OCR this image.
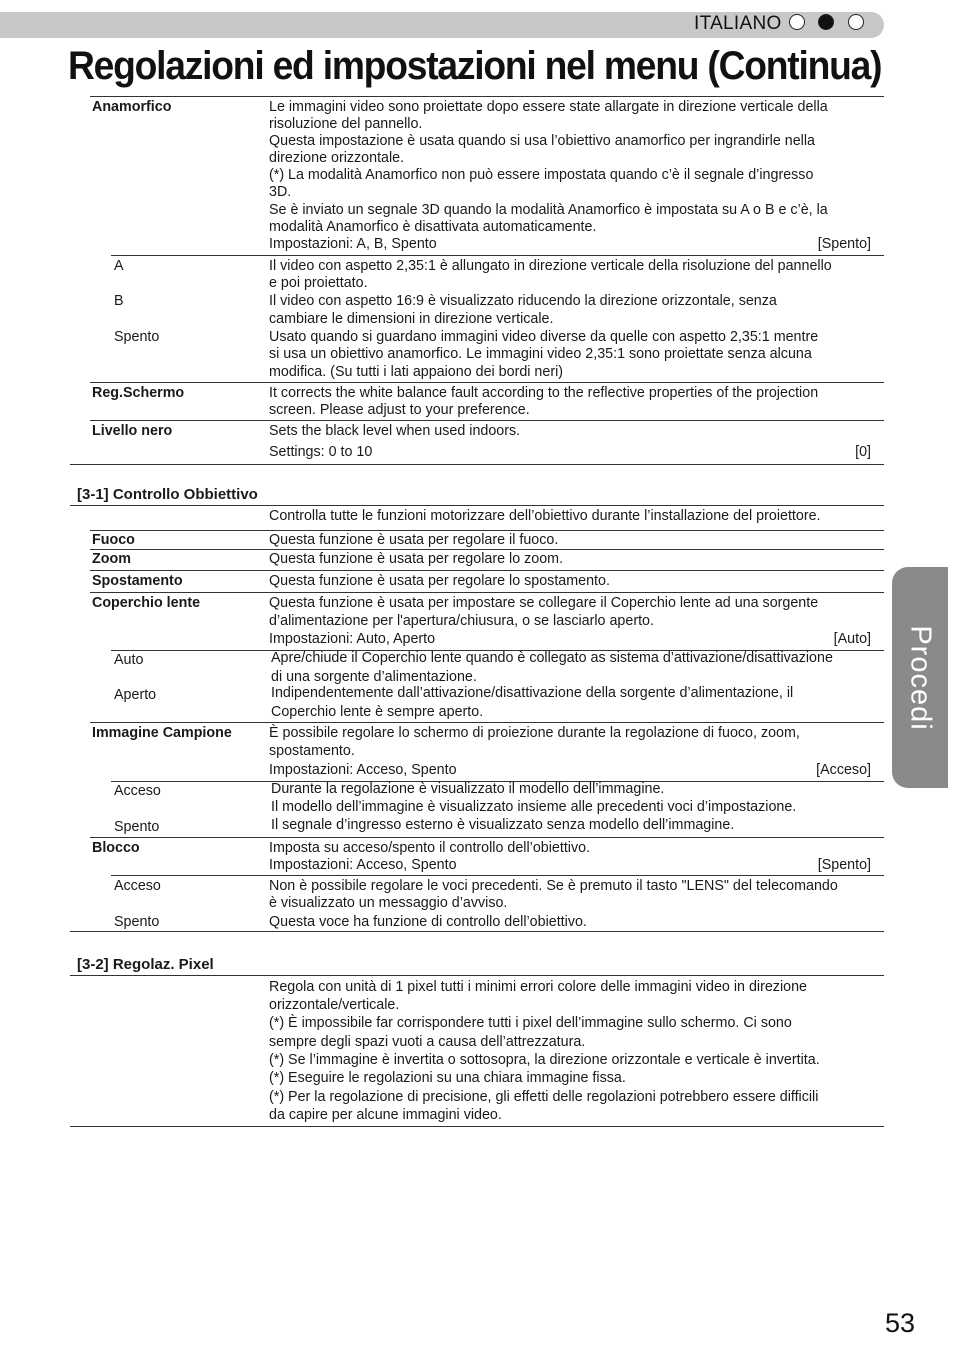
ITALIANO
Regolazioni ed impostazioni nel menu (Continua)
Procedi
Anamorfico	Le immagini video sono proiettate dopo essere state allargate in direzione verticale della
risoluzione del pannello.
Questa impostazione è usata quando si usa l’obiettivo anamorfico per ingrandirle nella
direzione orizzontale.
(*) La modalità Anamorfico non può essere impostata quando c’è il segnale d’ingresso
3D.
Se è inviato un segnale 3D quando la modalità Anamorfico è impostata su A o B e c’è, la
modalità Anamorfico è disattivata automaticamente.
Impostazioni: A, B, Spento	[Spento]
A	Il video con aspetto 2,35:1 è allungato in direzione verticale della risoluzione del pannello
e poi proiettato.
B	Il video con aspetto 16:9 è visualizzato riducendo la direzione orizzontale, senza
cambiare le dimensioni in direzione verticale.
Spento	Usato quando si guardano immagini video diverse da quelle con aspetto 2,35:1 mentre
si usa un obiettivo anamorfico. Le immagini video 2,35:1 sono proiettate senza alcuna
modifica. (Su tutti i lati appaiono dei bordi neri)
Reg.Schermo	It corrects the white balance fault according to the reflective properties of the projection
screen. Please adjust to your preference.
Livello nero	Sets the black level when used indoors.
Settings: 0 to 10	[0]
[3-1] Controllo Obbiettivo
Controlla tutte le funzioni motorizzare dell’obiettivo durante l’installazione del proiettore.
Fuoco	Questa funzione è usata per regolare il fuoco.
Zoom	Questa funzione è usata per regolare lo zoom.
Spostamento	Questa funzione è usata per regolare lo spostamento.
Coperchio lente	Questa funzione è usata per impostare se collegare il Coperchio lente ad una sorgente
d’alimentazione per l'apertura/chiusura, o se lasciarlo aperto.
Impostazioni: Auto, Aperto	[Auto]
Auto	Apre/chiude il Coperchio lente quando è collegato as sistema d’attivazione/disattivazione
di una sorgente d’alimentazione.
Aperto	Indipendentemente dall’attivazione/disattivazione della sorgente d’alimentazione, il
Coperchio lente è sempre aperto.
Immagine Campione	È possibile regolare lo schermo di proiezione durante la regolazione di fuoco, zoom,
spostamento.
Impostazioni: Acceso, Spento	[Acceso]
Acceso	Durante la regolazione è visualizzato il modello dell’immagine.
Il modello dell’immagine è visualizzato insieme alle precedenti voci d’impostazione.
Spento	Il segnale d’ingresso esterno è visualizzato senza modello dell’immagine.
Blocco	Imposta su acceso/spento il controllo dell’obiettivo.
Impostazioni: Acceso, Spento	[Spento]
Acceso	Non è possibile regolare le voci precedenti. Se è premuto il tasto "LENS" del telecomando
è visualizzato un messaggio d’avviso.
Spento	Questa voce ha funzione di controllo dell’obiettivo.
[3-2] Regolaz. Pixel
Regola con unità di 1 pixel tutti i minimi errori colore delle immagini video in direzione
orizzontale/verticale.
(*) È impossibile far corrispondere tutti i pixel dell’immagine sullo schermo. Ci sono
sempre degli spazi vuoti a causa dell’attrezzatura.
(*) Se l’immagine è invertita o sottosopra, la direzione orizzontale e verticale è invertita.
(*) Eseguire le regolazioni su una chiara immagine fissa.
(*) Per la regolazione di precisione, gli effetti delle regolazioni potrebbero essere difficili
da capire per alcune immagini video.
53
